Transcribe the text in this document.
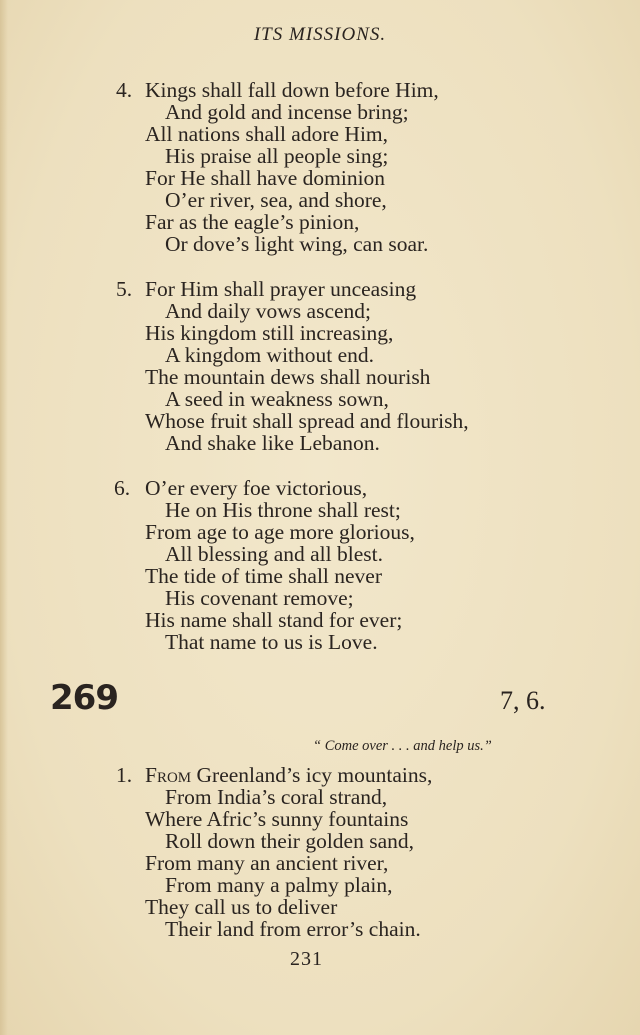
ITS MISSIONS.
4. Kings shall fall down before Him,
And gold and incense bring;
All nations shall adore Him,
His praise all people sing;
For He shall have dominion
O’er river, sea, and shore,
Far as the eagle’s pinion,
Or dove’s light wing, can soar.
5. For Him shall prayer unceasing
And daily vows ascend;
His kingdom still increasing,
A kingdom without end.
The mountain dews shall nourish
A seed in weakness sown,
Whose fruit shall spread and flourish,
And shake like Lebanon.
6. O’er every foe victorious,
He on His throne shall rest;
From age to age more glorious,
All blessing and all blest.
The tide of time shall never
His covenant remove;
His name shall stand for ever;
That name to us is Love.
269	7, 6.
“ Come over . . . and help us.”
1. From Greenland’s icy mountains,
From India’s coral strand,
Where Afric’s sunny fountains
Roll down their golden sand,
From many an ancient river,
From many a palmy plain,
They call us to deliver
Their land from error’s chain.
231
